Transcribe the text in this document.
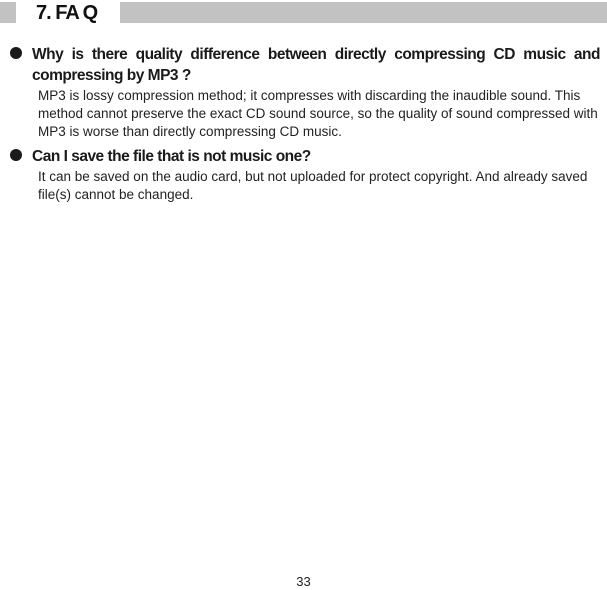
7. FA Q
Why is there quality difference between directly compressing CD music and compressing by MP3 ?

MP3 is lossy compression method; it compresses with discarding the inaudible sound. This method cannot preserve the exact CD sound source, so the quality of sound compressed with MP3 is worse than directly compressing CD music.

Can I save the file that is not music one?

It can be saved on the audio card, but not uploaded for protect copyright. And already saved file(s) cannot be changed.

33
